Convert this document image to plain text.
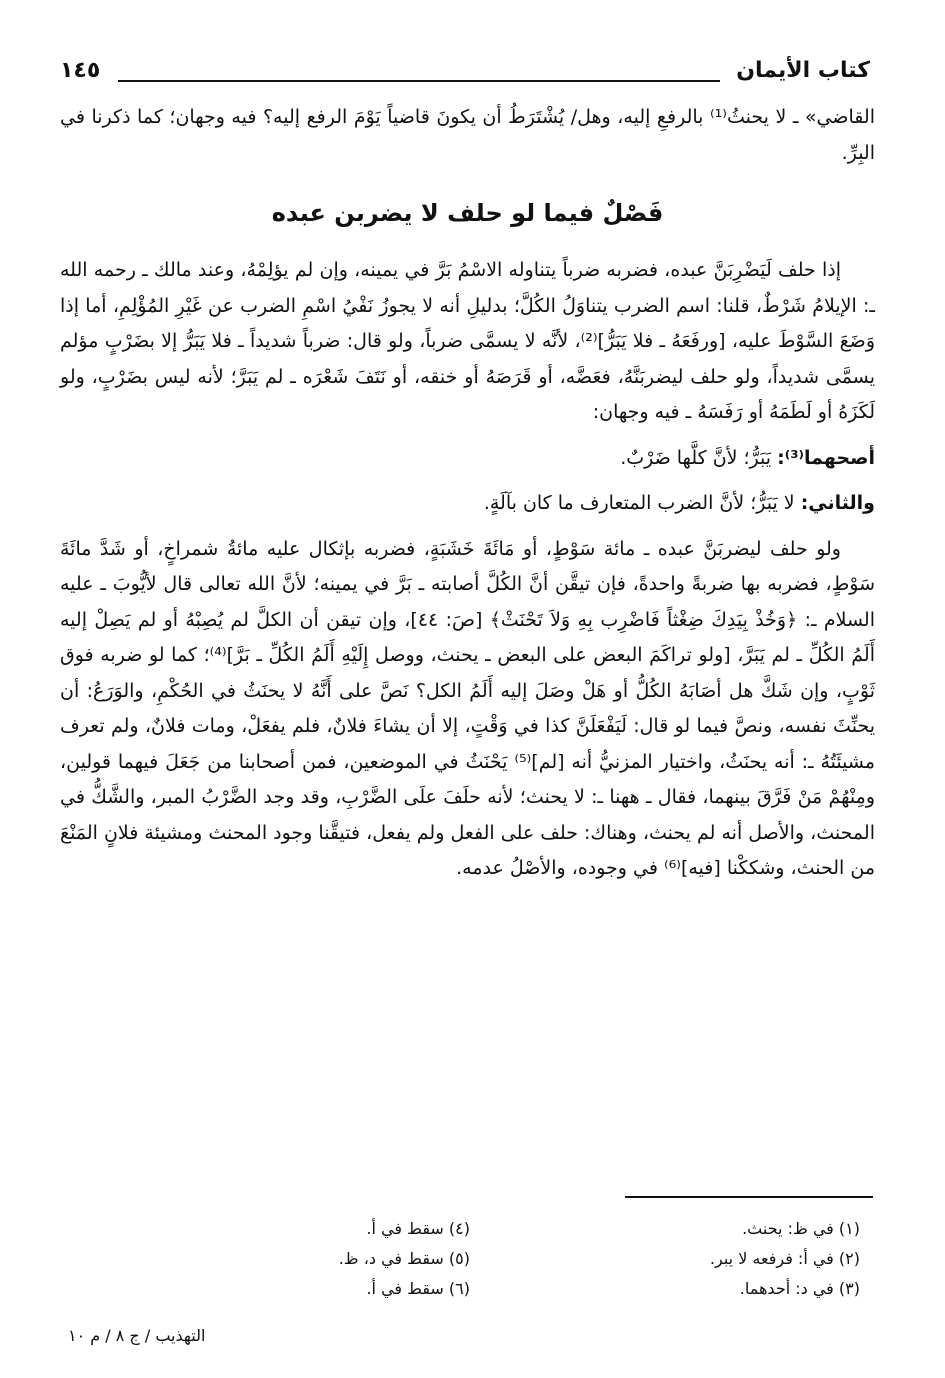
كتاب الأيمان
١٤٥

القاضي» ـ لا يحنثُ⁽¹⁾ بالرفعِ إليه، وهل/ يُشْتَرَطُ أن يكونَ قاضياً يَوْمَ الرفع إليه؟ فيه وجهان؛ كما ذكرنا في البِرِّ.

فَصْلٌ فيما لو حلف لا يضربن عبده

إذا حلف لَيَضْرِبَنَّ عبده، فضربه ضرباً يتناوله الاسْمُ بَرَّ في يمينه، وإن لم يؤلِمْهُ، وعند مالك ـ رحمه الله ـ: الإيلامُ شَرْطٌ، قلنا: اسم الضرب يتناوَلُ الكُلَّ؛ بدليلِ أنه لا يجوزُ نَفْيُ اسْمِ الضرب عن غَيْرِ المُؤْلِمِ، أما إذا وَضَعَ السَّوْطَ عليه، [ورفَعَهُ ـ فلا يَبَرُّ]⁽²⁾، لأنَّه لا يسمَّى ضرباً، ولو قال: ضرباً شديداً ـ فلا يَبَرُّ إلا بضَرْبٍ مؤلم يسمَّى شديداً، ولو حلف ليضربَنَّهُ، فعَضَّه، أو قَرَصَهُ أو خنقه، أو نَتَفَ شَعْرَه ـ لم يَبَرَّ؛ لأنه ليس بضَرْبٍ، ولو لَكَزَهُ أو لَطَمَهُ أو رَفَسَهُ ـ فيه وجهان:

أصحهما⁽³⁾: يَبَرُّ؛ لأنَّ كلَّها ضَرْبٌ.

والثاني: لا يَبَرُّ؛ لأنَّ الضرب المتعارف ما كان بآلَةٍ.

ولو حلف ليضربَنَّ عبده ـ مائة سَوْطٍ، أو مَائَةَ خَشَبَةٍ، فضربه بإثكال عليه مائةُ شمراخٍ، أو شَدَّ مائَةَ سَوْطٍ، فضربه بها ضربةً واحدةً، فإن تيقَّن أنَّ الكُلَّ أصابته ـ بَرَّ في يمينه؛ لأنَّ الله تعالى قال لأيُّوبَ ـ عليه السلام ـ: ﴿وَخُذْ بِيَدِكَ ضِغْثاً فَاضْرِب بِهِ وَلاَ تَحْنَثْ﴾ [صَ: ٤٤]، وإن تيقن أن الكلَّ لم يُصِبْهُ أو لم يَصِلْ إليه أَلَمُ الكُلِّ ـ لم يَبَرَّ، [ولو تراكَمَ البعض على البعض ـ يحنث، ووصل إِلَيْهِ أَلَمُ الكُلِّ ـ بَرَّ]⁽⁴⁾؛ كما لو ضربه فوق ثَوْبٍ، وإن شَكَّ هل أصَابَهُ الكُلُّ أو هَلْ وصَلَ إليه أَلَمُ الكل؟ نَصَّ على أَنَّهُ لا يحنَثُ في الحُكْمِ، والوَرَعُ: أن يحنِّثَ نفسه، ونصَّ فيما لو قال: لَيَفْعَلَنَّ كذا في وَقْتٍ، إلا أن يشاءَ فلانٌ، فلم يفعَلْ، ومات فلانٌ، ولم تعرف مشيئَتُهُ ـ: أنه يحنَثُ، واختيار المزنيُّ أنه [لم]⁽⁵⁾ يَحْنَثُ في الموضعين، فمن أصحابنا من جَعَلَ فيهما قولين، ومِنْهُمْ مَنْ فَرَّقَ بينهما، فقال ـ ههنا ـ: لا يحنث؛ لأنه حلَفَ علَى الضَّرْبِ، وقد وجد الضَّرْبُ المبر، والشَّكُّ في المحنث، والأصل أنه لم يحنث، وهناك: حلف على الفعل ولم يفعل، فتيقَّنا وجود المحنث ومشيئة فلانٍ المَنْعَ من الحنث، وشككْنا [فيه]⁽⁶⁾ في وجوده، والأصْلُ عدمه.

(١) في ظ: يحنث.
(٢) في أ: فرفعه لا يبر.
(٣) في د: أحدهما.
(٤) سقط في أ.
(٥) سقط في د، ظ.
(٦) سقط في أ.
التهذيب / ج ٨ / م ١٠
